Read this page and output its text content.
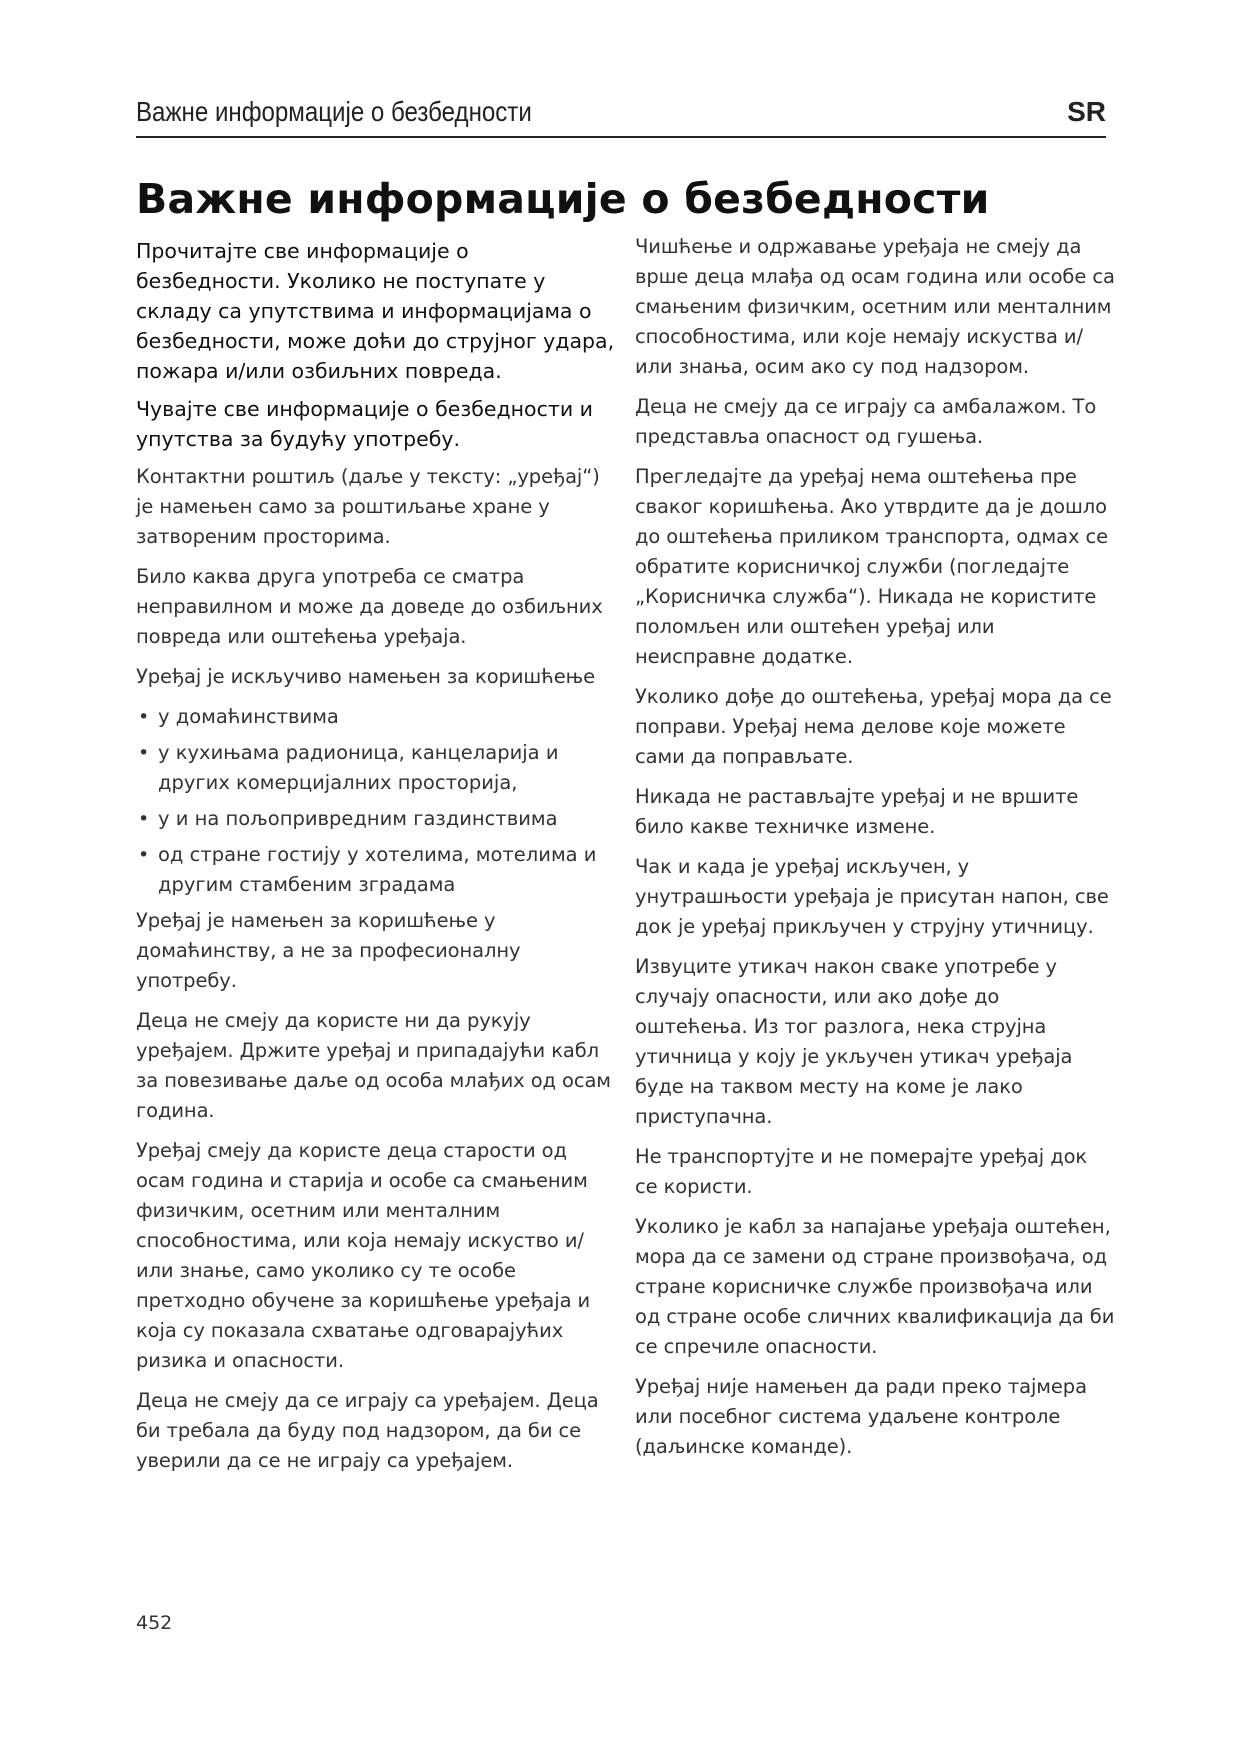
Важне информације о безбедности	SR
Важне информације о безбедности

Прочитајте све информације о безбедности. Уколико не поступате у складу са упутствима и информацијама о безбедности, може доћи до струјног удара, пожара и/или озбиљних повреда.

Чувајте све информације о безбедности и упутства за будућу употребу.

Контактни роштиљ (даље у тексту: „уређај“) је намењен само за роштиљање хране у затвореним просторима.

Било каква друга употреба се сматра неправилном и може да доведе до озбиљних повреда или оштећења уређаја.

Уређај је искључиво намењен за коришћење

• у домаћинствима
• у кухињама радионица, канцеларија и других комерцијалних просторија,
• у и на пољопривредним газдинствима
• од стране гостију у хотелима, мотелима и другим стамбеним зградама

Уређај је намењен за коришћење у домаћинству, а не за професионалну употребу.

Деца не смеју да користе ни да рукују уређајем. Држите уређај и припадајући кабл за повезивање даље од особа млађих од осам година.

Уређај смеју да користе деца старости од осам година и старија и особе са смањеним физичким, осетним или менталним способностима, или која немају искуство и/или знање, само уколико су те особе претходно обучене за коришћење уређаја и која су показала схватање одговарајућих ризика и опасности.

Деца не смеју да се играју са уређајем. Деца би требала да буду под надзором, да би се уверили да се не играју са уређајем.

Чишћење и одржавање уређаја не смеју да врше деца млађа од осам година или особе са смањеним физичким, осетним или менталним способностима, или које немају искуства и/или знања, осим ако су под надзором.

Деца не смеју да се играју са амбалажом. То представља опасност од гушења.

Прегледајте да уређај нема оштећења пре сваког коришћења. Ако утврдите да је дошло до оштећења приликом транспорта, одмах се обратите корисничкој служби (погледајте „Корисничка служба“). Никада не користите поломљен или оштећен уређај или неисправне додатке.

Уколико дође до оштећења, уређај мора да се поправи. Уређај нема делове које можете сами да поправљате.

Никада не растављајте уређај и не вршите било какве техничке измене.

Чак и када је уређај искључен, у унутрашњости уређаја је присутан напон, све док је уређај прикључен у струјну утичницу.

Извуците утикач након сваке употребе у случају опасности, или ако дође до оштећења. Из тог разлога, нека струјна утичница у коју је укључен утикач уређаја буде на таквом месту на коме је лако приступачна.

Не транспортујте и не померајте уређај док се користи.

Уколико је кабл за напајање уређаја оштећен, мора да се замени од стране произвођача, од стране корисничке службе произвођача или од стране особе сличних квалификација да би се спречиле опасности.

Уређај није намењен да ради преко тајмера или посебног система удаљене контроле (даљинске команде).

452
